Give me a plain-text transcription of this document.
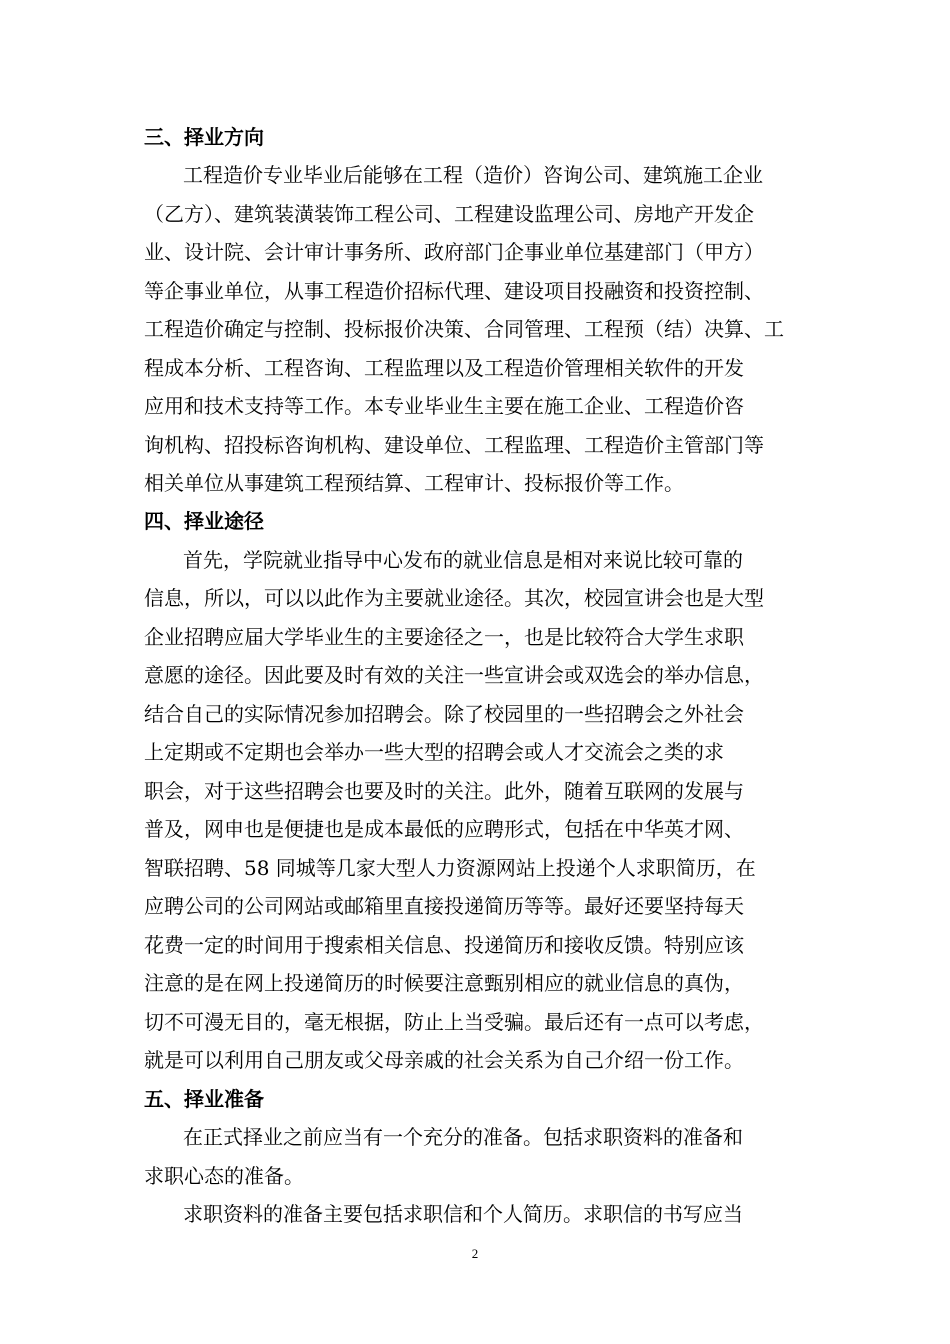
三、择业方向
工程造价专业毕业后能够在工程（造价）咨询公司、建筑施工企业
（乙方）、建筑装潢装饰工程公司、工程建设监理公司、房地产开发企
业、设计院、会计审计事务所、政府部门企事业单位基建部门（甲方）
等企事业单位，从事工程造价招标代理、建设项目投融资和投资控制、
工程造价确定与控制、投标报价决策、合同管理、工程预（结）决算、工
程成本分析、工程咨询、工程监理以及工程造价管理相关软件的开发
应用和技术支持等工作。本专业毕业生主要在施工企业、工程造价咨
询机构、招投标咨询机构、建设单位、工程监理、工程造价主管部门等
相关单位从事建筑工程预结算、工程审计、投标报价等工作。
四、择业途径
首先，学院就业指导中心发布的就业信息是相对来说比较可靠的
信息，所以，可以以此作为主要就业途径。其次，校园宣讲会也是大型
企业招聘应届大学毕业生的主要途径之一，也是比较符合大学生求职
意愿的途径。因此要及时有效的关注一些宣讲会或双选会的举办信息，
结合自己的实际情况参加招聘会。除了校园里的一些招聘会之外社会
上定期或不定期也会举办一些大型的招聘会或人才交流会之类的求
职会，对于这些招聘会也要及时的关注。此外，随着互联网的发展与
普及，网申也是便捷也是成本最低的应聘形式，包括在中华英才网、
智联招聘、58 同城等几家大型人力资源网站上投递个人求职简历，在
应聘公司的公司网站或邮箱里直接投递简历等等。最好还要坚持每天
花费一定的时间用于搜索相关信息、投递简历和接收反馈。特别应该
注意的是在网上投递简历的时候要注意甄别相应的就业信息的真伪，
切不可漫无目的，毫无根据，防止上当受骗。最后还有一点可以考虑，
就是可以利用自己朋友或父母亲戚的社会关系为自己介绍一份工作。
五、择业准备
在正式择业之前应当有一个充分的准备。包括求职资料的准备和
求职心态的准备。
求职资料的准备主要包括求职信和个人简历。求职信的书写应当
2
